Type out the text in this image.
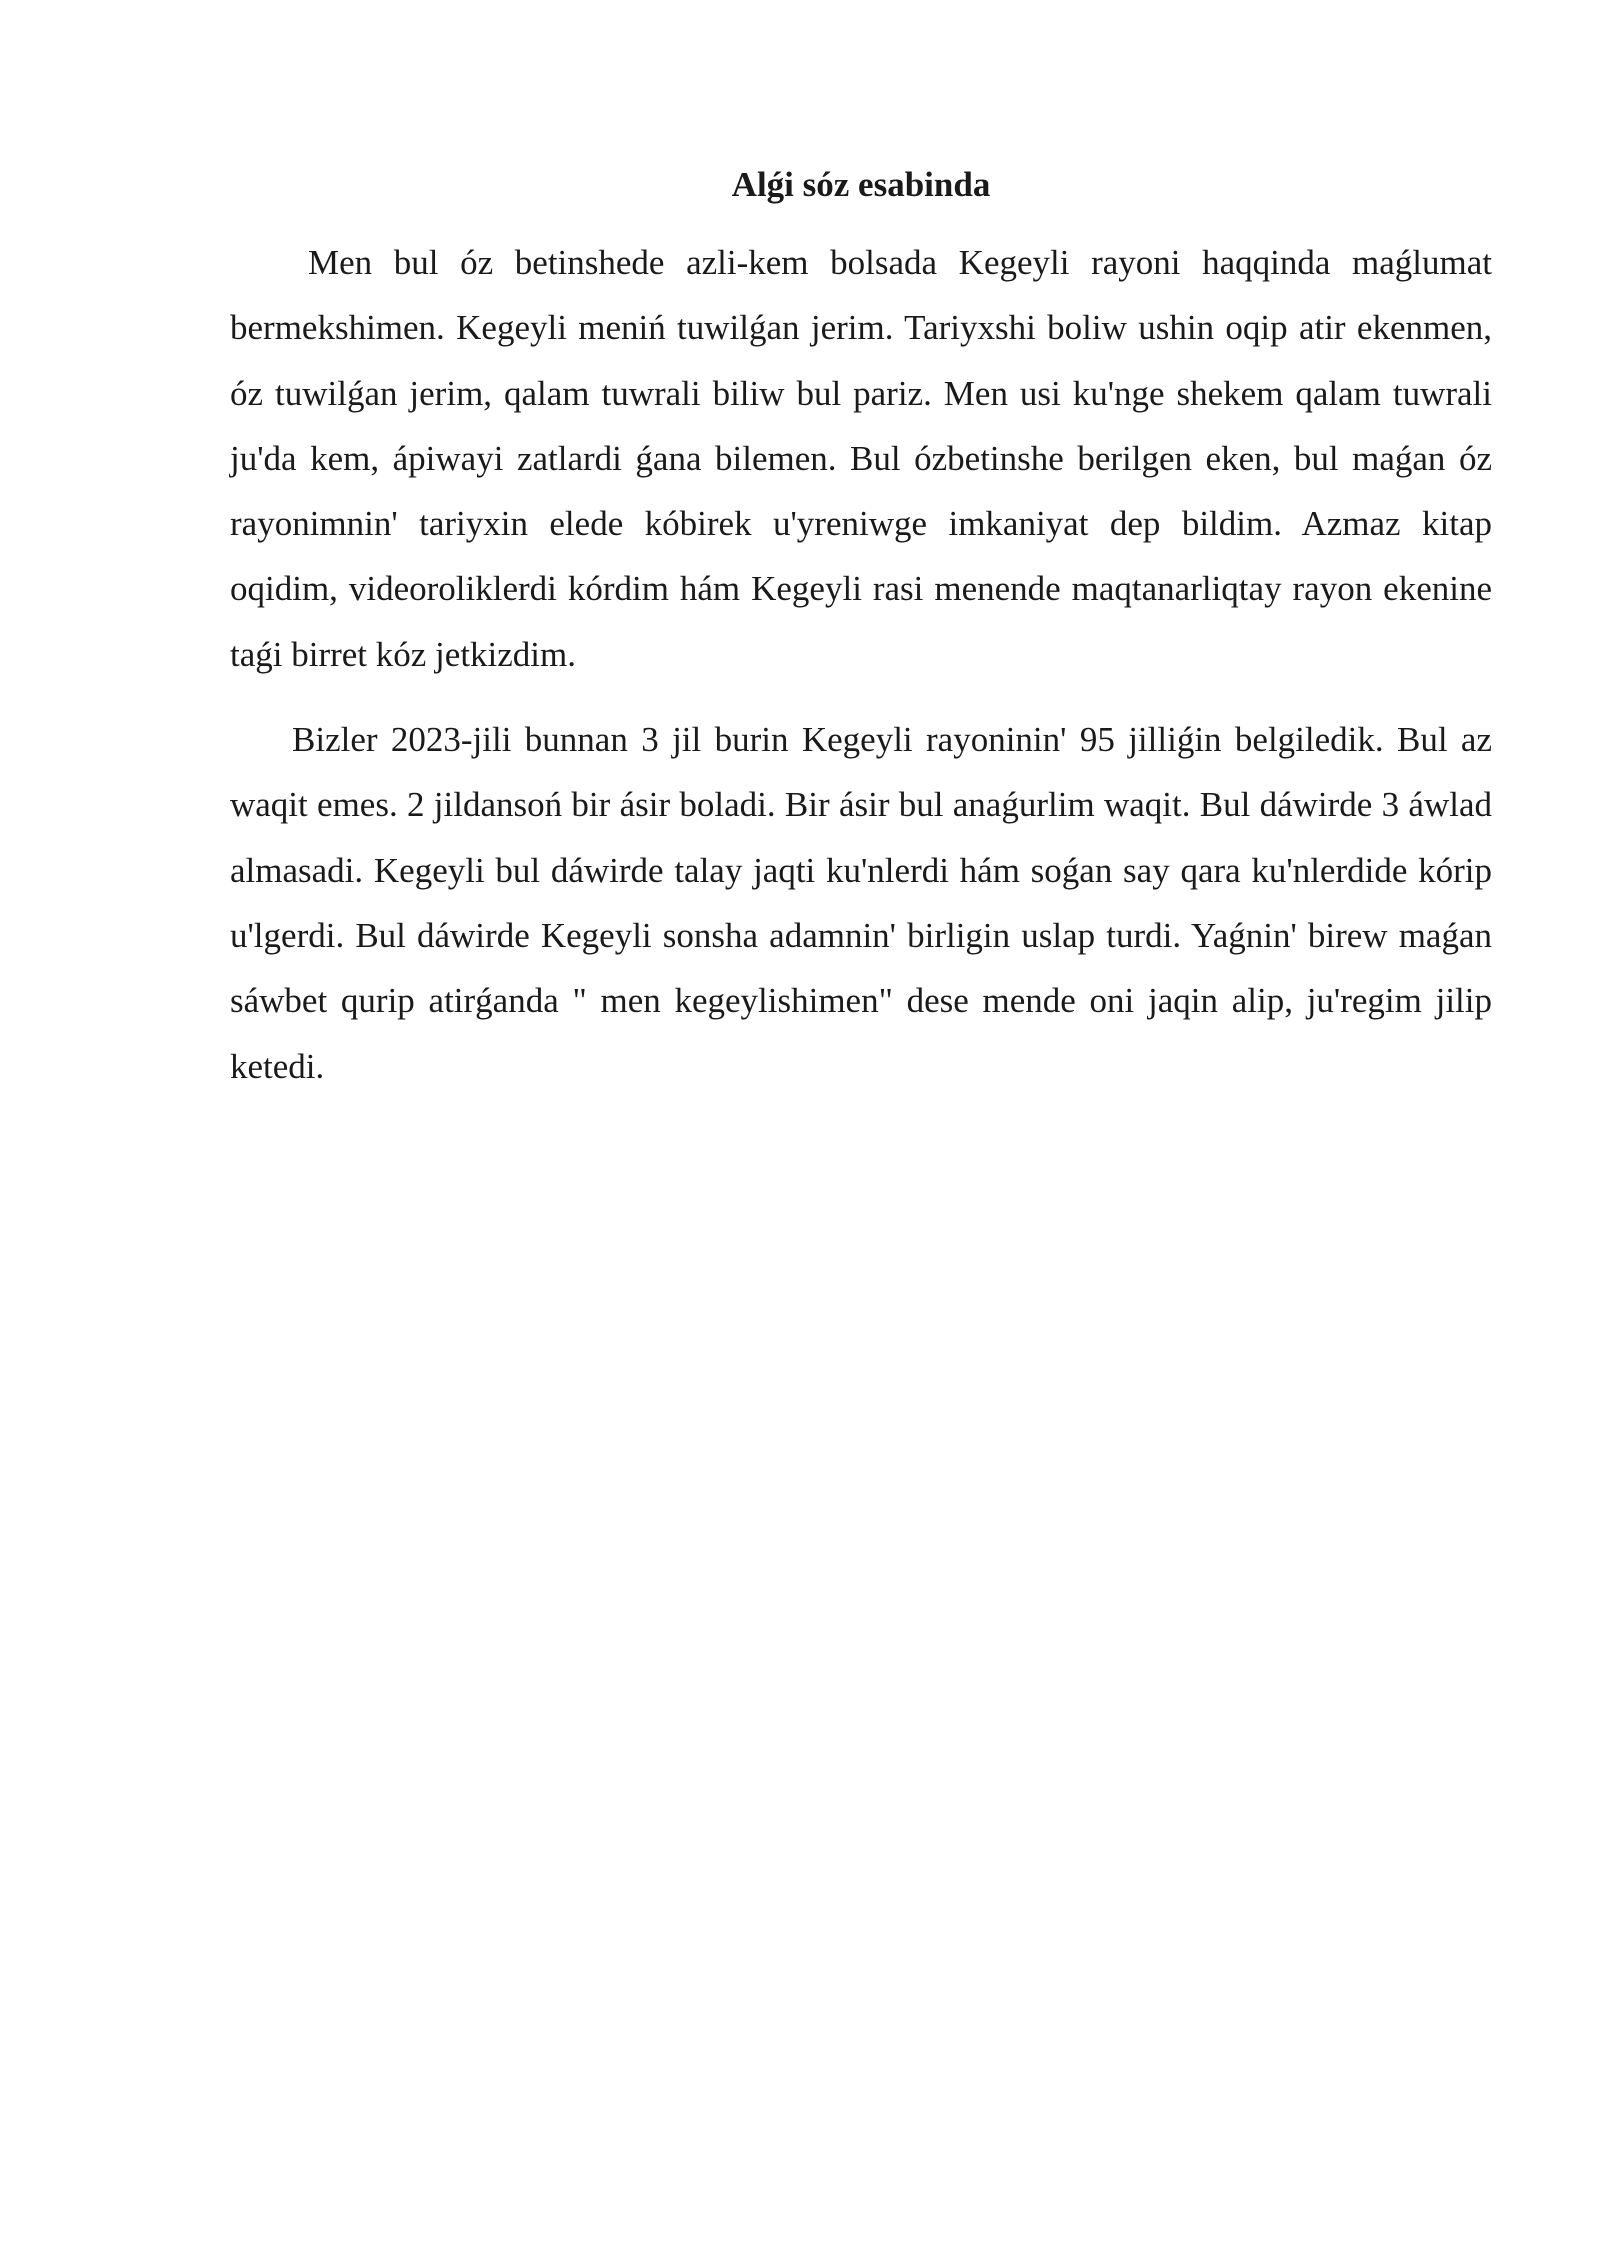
Alǵi sóz esabinda

Men bul óz betinshede azli-kem bolsada Kegeyli rayoni haqqinda maǵlumat bermekshimen. Kegeyli meniń tuwilǵan jerim. Tariyxshi boliw ushin oqip atir ekenmen, óz tuwilǵan jerim, qalam tuwrali biliw bul pariz. Men usi ku'nge shekem qalam tuwrali ju'da kem, ápiwayi zatlardi ǵana bilemen. Bul ózbetinshe berilgen eken, bul maǵan óz rayonimnin' tariyxin elede kóbirek u'yreniwge imkaniyat dep bildim. Azmaz kitap oqidim, videoroliklerdi kórdim hám Kegeyli rasi menende maqtanarliqtay rayon ekenine taǵi birret kóz jetkizdim.

Bizler 2023-jili bunnan 3 jil burin Kegeyli rayoninin' 95 jilliǵin belgiledik. Bul az waqit emes. 2 jildansoń bir ásir boladi. Bir ásir bul anaǵurlim waqit. Bul dáwirde 3 áwlad almasadi. Kegeyli bul dáwirde talay jaqti ku'nlerdi hám soǵan say qara ku'nlerdide kórip u'lgerdi. Bul dáwirde Kegeyli sonsha adamnin' birligin uslap turdi. Yaǵnin' birew maǵan sáwbet qurip atirǵanda " men kegeylishimen" dese mende oni jaqin alip, ju'regim jilip ketedi.
